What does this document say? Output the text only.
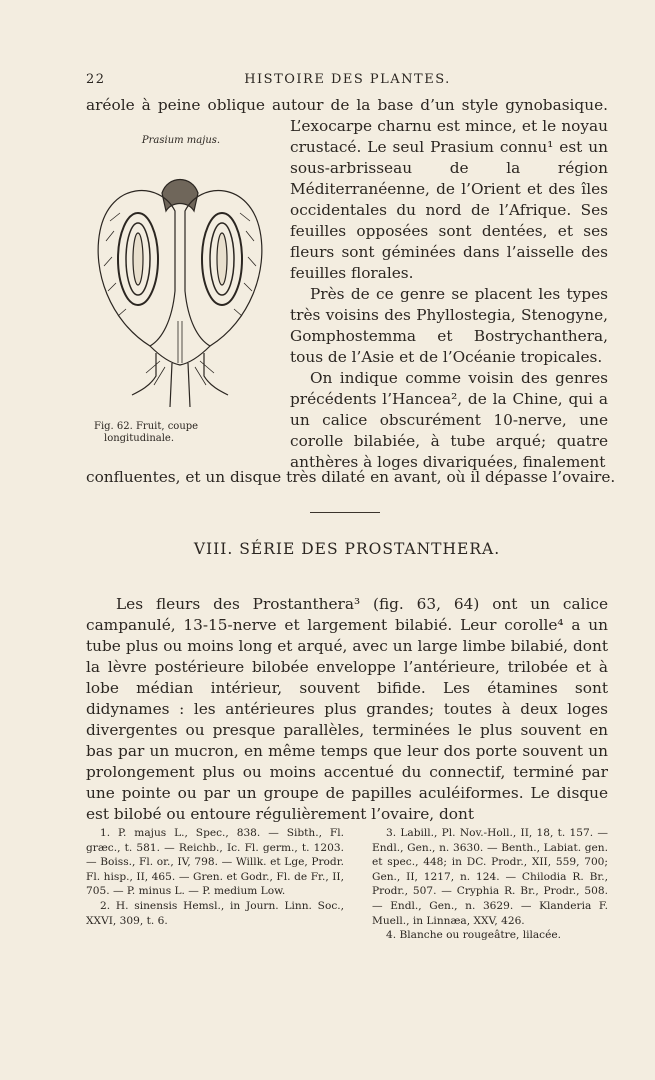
22	HISTOIRE DES PLANTES.
aréole à peine oblique autour de la base d’un style gynobasique.
Prasium majus.
Fig. 62. Fruit, coupe
longitudinale.

L’exocarpe charnu est mince, et le noyau crustacé. Le seul Prasium connu¹ est un sous-arbrisseau de la région Méditerranéenne, de l’Orient et des îles occidentales du nord de l’Afrique. Ses feuilles opposées sont dentées, et ses fleurs sont géminées dans l’aisselle des feuilles florales.

Près de ce genre se placent les types très voisins des Phyllostegia, Stenogyne, Gomphostemma et Bostrychanthera, tous de l’Asie et de l’Océanie tropicales.

On indique comme voisin des genres précédents l’Hancea², de la Chine, qui a un calice obscurément 10-nerve, une corolle bilabiée, à tube arqué; quatre anthères à loges divariquées, finalement

confluentes, et un disque très dilaté en avant, où il dépasse l’ovaire.
VIII. SÉRIE DES PROSTANTHERA.

Les fleurs des Prostanthera³ (fig. 63, 64) ont un calice campanulé, 13-15-nerve et largement bilabié. Leur corolle⁴ a un tube plus ou moins long et arqué, avec un large limbe bilabié, dont la lèvre postérieure bilobée enveloppe l’antérieure, trilobée et à lobe médian intérieur, souvent bifide. Les étamines sont didynames : les antérieures plus grandes; toutes à deux loges divergentes ou presque parallèles, terminées le plus souvent en bas par un mucron, en même temps que leur dos porte souvent un prolongement plus ou moins accentué du connectif, terminé par une pointe ou par un groupe de papilles aculéiformes. Le disque est bilobé ou entoure régulièrement l’ovaire, dont

1. P. majus L., Spec., 838. — Sibth., Fl. græc., t. 581. — Reichb., Ic. Fl. germ., t. 1203. — Boiss., Fl. or., IV, 798. — Willk. et Lge, Prodr. Fl. hisp., II, 465. — Gren. et Godr., Fl. de Fr., II, 705. — P. minus L. — P. medium Low.

2. H. sinensis Hemsl., in Journ. Linn. Soc., XXVI, 309, t. 6.

3. Labill., Pl. Nov.-Holl., II, 18, t. 157. — Endl., Gen., n. 3630. — Benth., Labiat. gen. et spec., 448; in DC. Prodr., XII, 559, 700; Gen., II, 1217, n. 124. — Chilodia R. Br., Prodr., 507. — Cryphia R. Br., Prodr., 508. — Endl., Gen., n. 3629. — Klanderia F. Muell., in Linnæa, XXV, 426.

4. Blanche ou rougeâtre, lilacée.
